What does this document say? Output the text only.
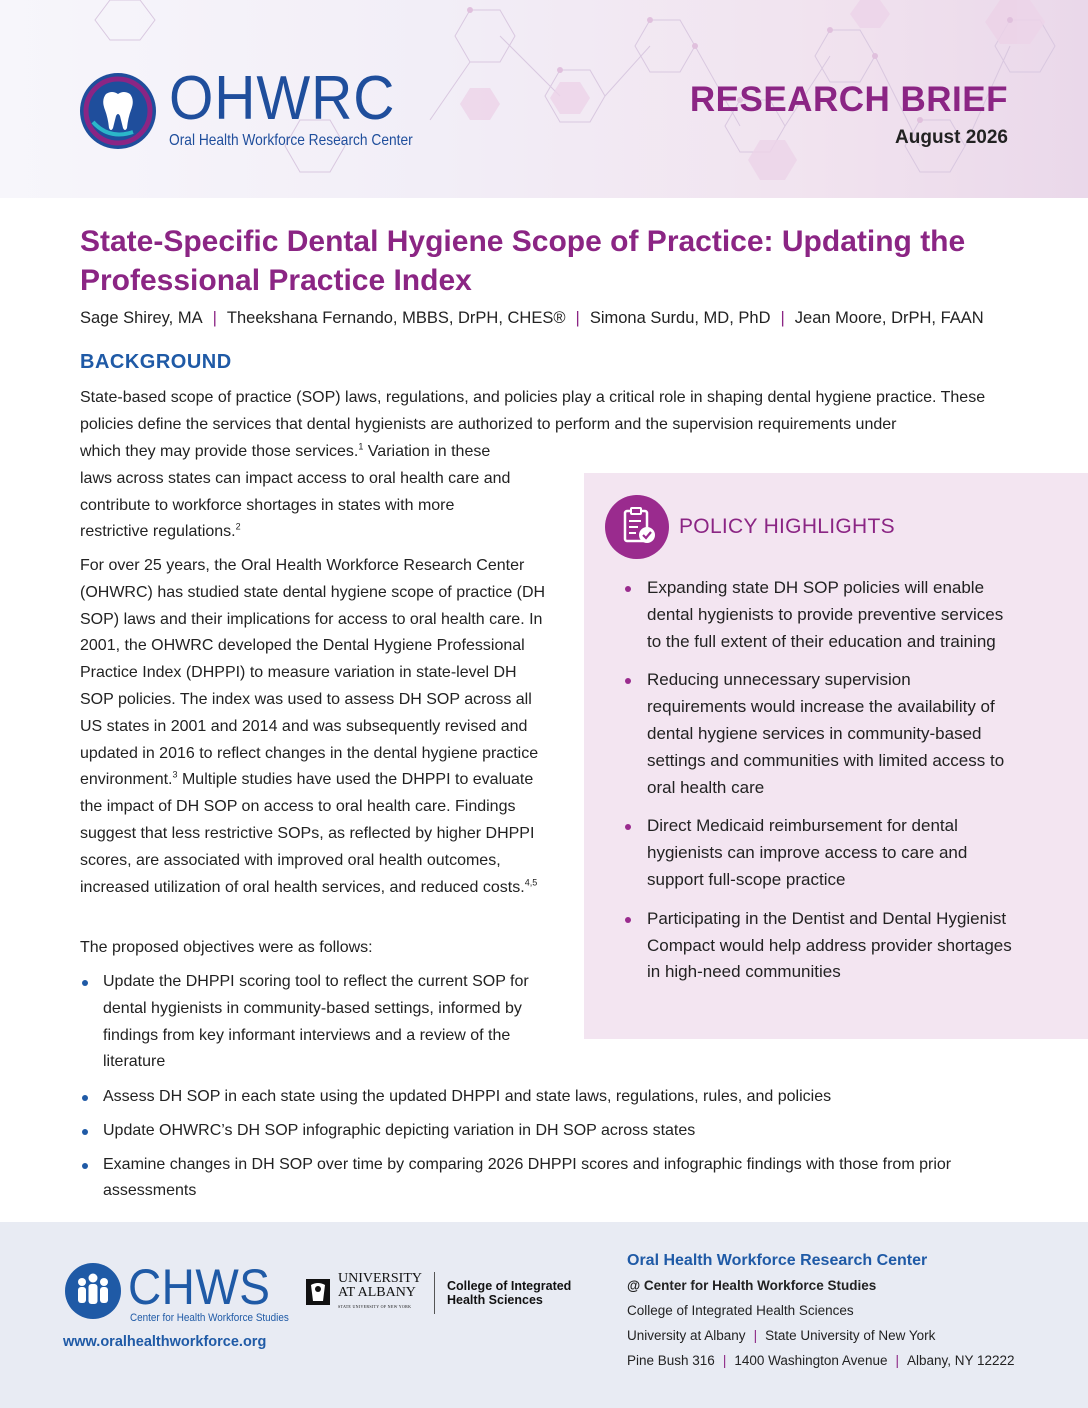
OHWRC
Oral Health Workforce Research Center
RESEARCH BRIEF
August 2026
State-Specific Dental Hygiene Scope of Practice: Updating the Professional Practice Index
Sage Shirey, MA | Theekshana Fernando, MBBS, DrPH, CHES® | Simona Surdu, MD, PhD | Jean Moore, DrPH, FAAN
BACKGROUND

State-based scope of practice (SOP) laws, regulations, and policies play a critical role in shaping dental hygiene practice. These policies define the services that dental hygienists are authorized to perform and the supervision requirements under

which they may provide those services.$^1$ Variation in these laws across states can impact access to oral health care and contribute to workforce shortages in states with more restrictive regulations.$^2$

For over 25 years, the Oral Health Workforce Research Center (OHWRC) has studied state dental hygiene scope of practice (DH SOP) laws and their implications for access to oral health care. In 2001, the OHWRC developed the Dental Hygiene Professional Practice Index (DHPPI) to measure variation in state-level DH SOP policies. The index was used to assess DH SOP across all US states in 2001 and 2014 and was subsequently revised and updated in 2016 to reflect changes in the dental hygiene practice environment.$^3$ Multiple studies have used the DHPPI to evaluate the impact of DH SOP on access to oral health care. Findings suggest that less restrictive SOPs, as reflected by higher DHPPI scores, are associated with improved oral health outcomes, increased utilization of oral health services, and reduced costs.$^{4,5}$

The proposed objectives were as follows:

Update the DHPPI scoring tool to reflect the current SOP for dental hygienists in community-based settings, informed by findings from key informant interviews and a review of the literature
Assess DH SOP in each state using the updated DHPPI and state laws, regulations, rules, and policies
Update OHWRC’s DH SOP infographic depicting variation in DH SOP across states
Examine changes in DH SOP over time by comparing 2026 DHPPI scores and infographic findings with those from prior assessments
POLICY HIGHLIGHTS
Expanding state DH SOP policies will enable dental hygienists to provide preventive services to the full extent of their education and training
Reducing unnecessary supervision requirements would increase the availability of dental hygiene services in community-based settings and communities with limited access to oral health care
Direct Medicaid reimbursement for dental hygienists can improve access to care and support full-scope practice
Participating in the Dentist and Dental Hygienist Compact would help address provider shortages in high-need communities
CHWS
Center for Health Workforce Studies
www.oralhealthworkforce.org
UNIVERSITY
AT ALBANY
STATE UNIVERSITY OF NEW YORK
College of Integrated
Health Sciences
Oral Health Workforce Research Center
@ Center for Health Workforce Studies
College of Integrated Health Sciences
University at Albany | State University of New York
Pine Bush 316 | 1400 Washington Avenue | Albany, NY 12222
